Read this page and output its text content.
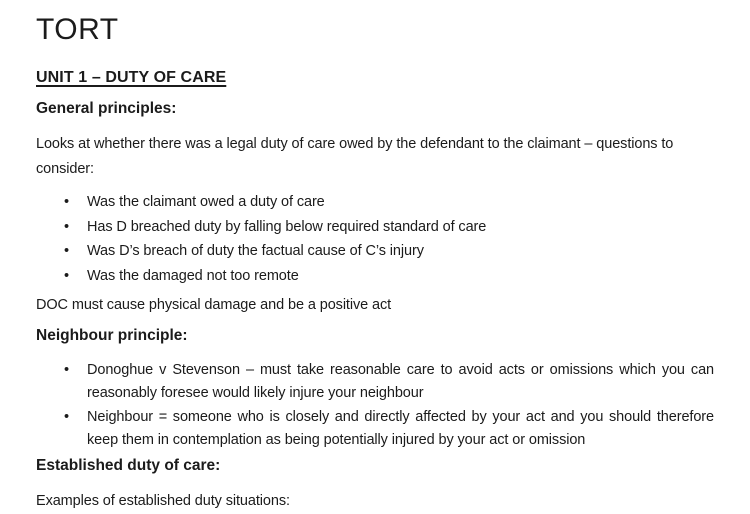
TORT
UNIT 1 – DUTY OF CARE
General principles:

Looks at whether there was a legal duty of care owed by the defendant to the claimant – questions to consider:

• Was the claimant owed a duty of care
• Has D breached duty by falling below required standard of care
• Was D’s breach of duty the factual cause of C’s injury
• Was the damaged not too remote

DOC must cause physical damage and be a positive act

Neighbour principle:
• Donoghue v Stevenson – must take reasonable care to avoid acts or omissions which you can reasonably foresee would likely injure your neighbour
• Neighbour = someone who is closely and directly affected by your act and you should therefore keep them in contemplation as being potentially injured by your act or omission
Established duty of care:

Examples of established duty situations:
